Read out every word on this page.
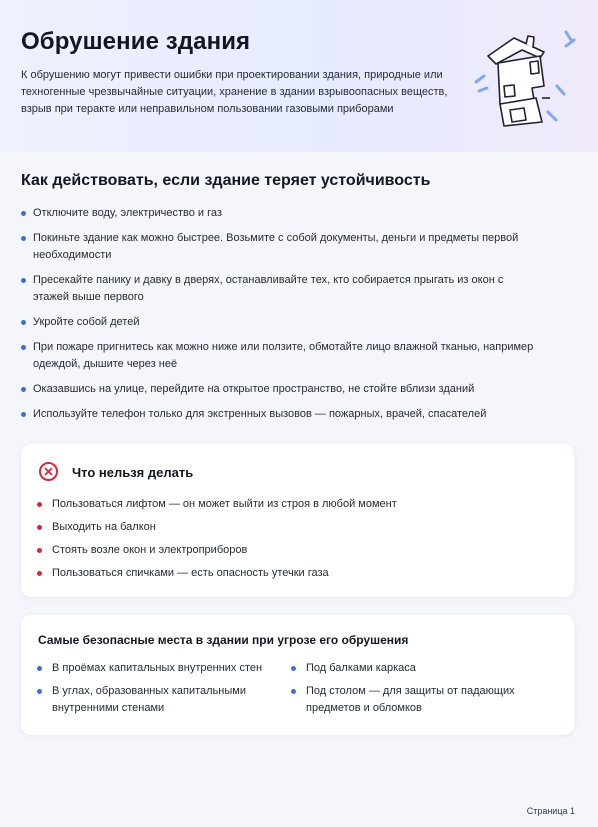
Обрушение здания

К обрушению могут привести ошибки при проектировании здания, природные или техногенные чрезвычайные ситуации, хранение в здании взрывоопасных веществ, взрыв при теракте или неправильном пользовании газовыми приборами

Как действовать, если здание теряет устойчивость
Отключите воду, электричество и газ
Покиньте здание как можно быстрее. Возьмите с собой документы, деньги и предметы первой необходимости
Пресекайте панику и давку в дверях, останавливайте тех, кто собирается прыгать из окон с этажей выше первого
Укройте собой детей
При пожаре пригнитесь как можно ниже или ползите, обмотайте лицо влажной тканью, например одеждой, дышите через неё
Оказавшись на улице, перейдите на открытое пространство, не стойте вблизи зданий
Используйте телефон только для экстренных вызовов — пожарных, врачей, спасателей
Что нельзя делать
Пользоваться лифтом — он может выйти из строя в любой момент
Выходить на балкон
Стоять возле окон и электроприборов
Пользоваться спичками — есть опасность утечки газа
Самые безопасные места в здании при угрозе его обрушения
В проёмах капитальных внутренних стен
В углах, образованных капитальными внутренними стенами
Под балками каркаса
Под столом — для защиты от падающих предметов и обломков

Страница 1
